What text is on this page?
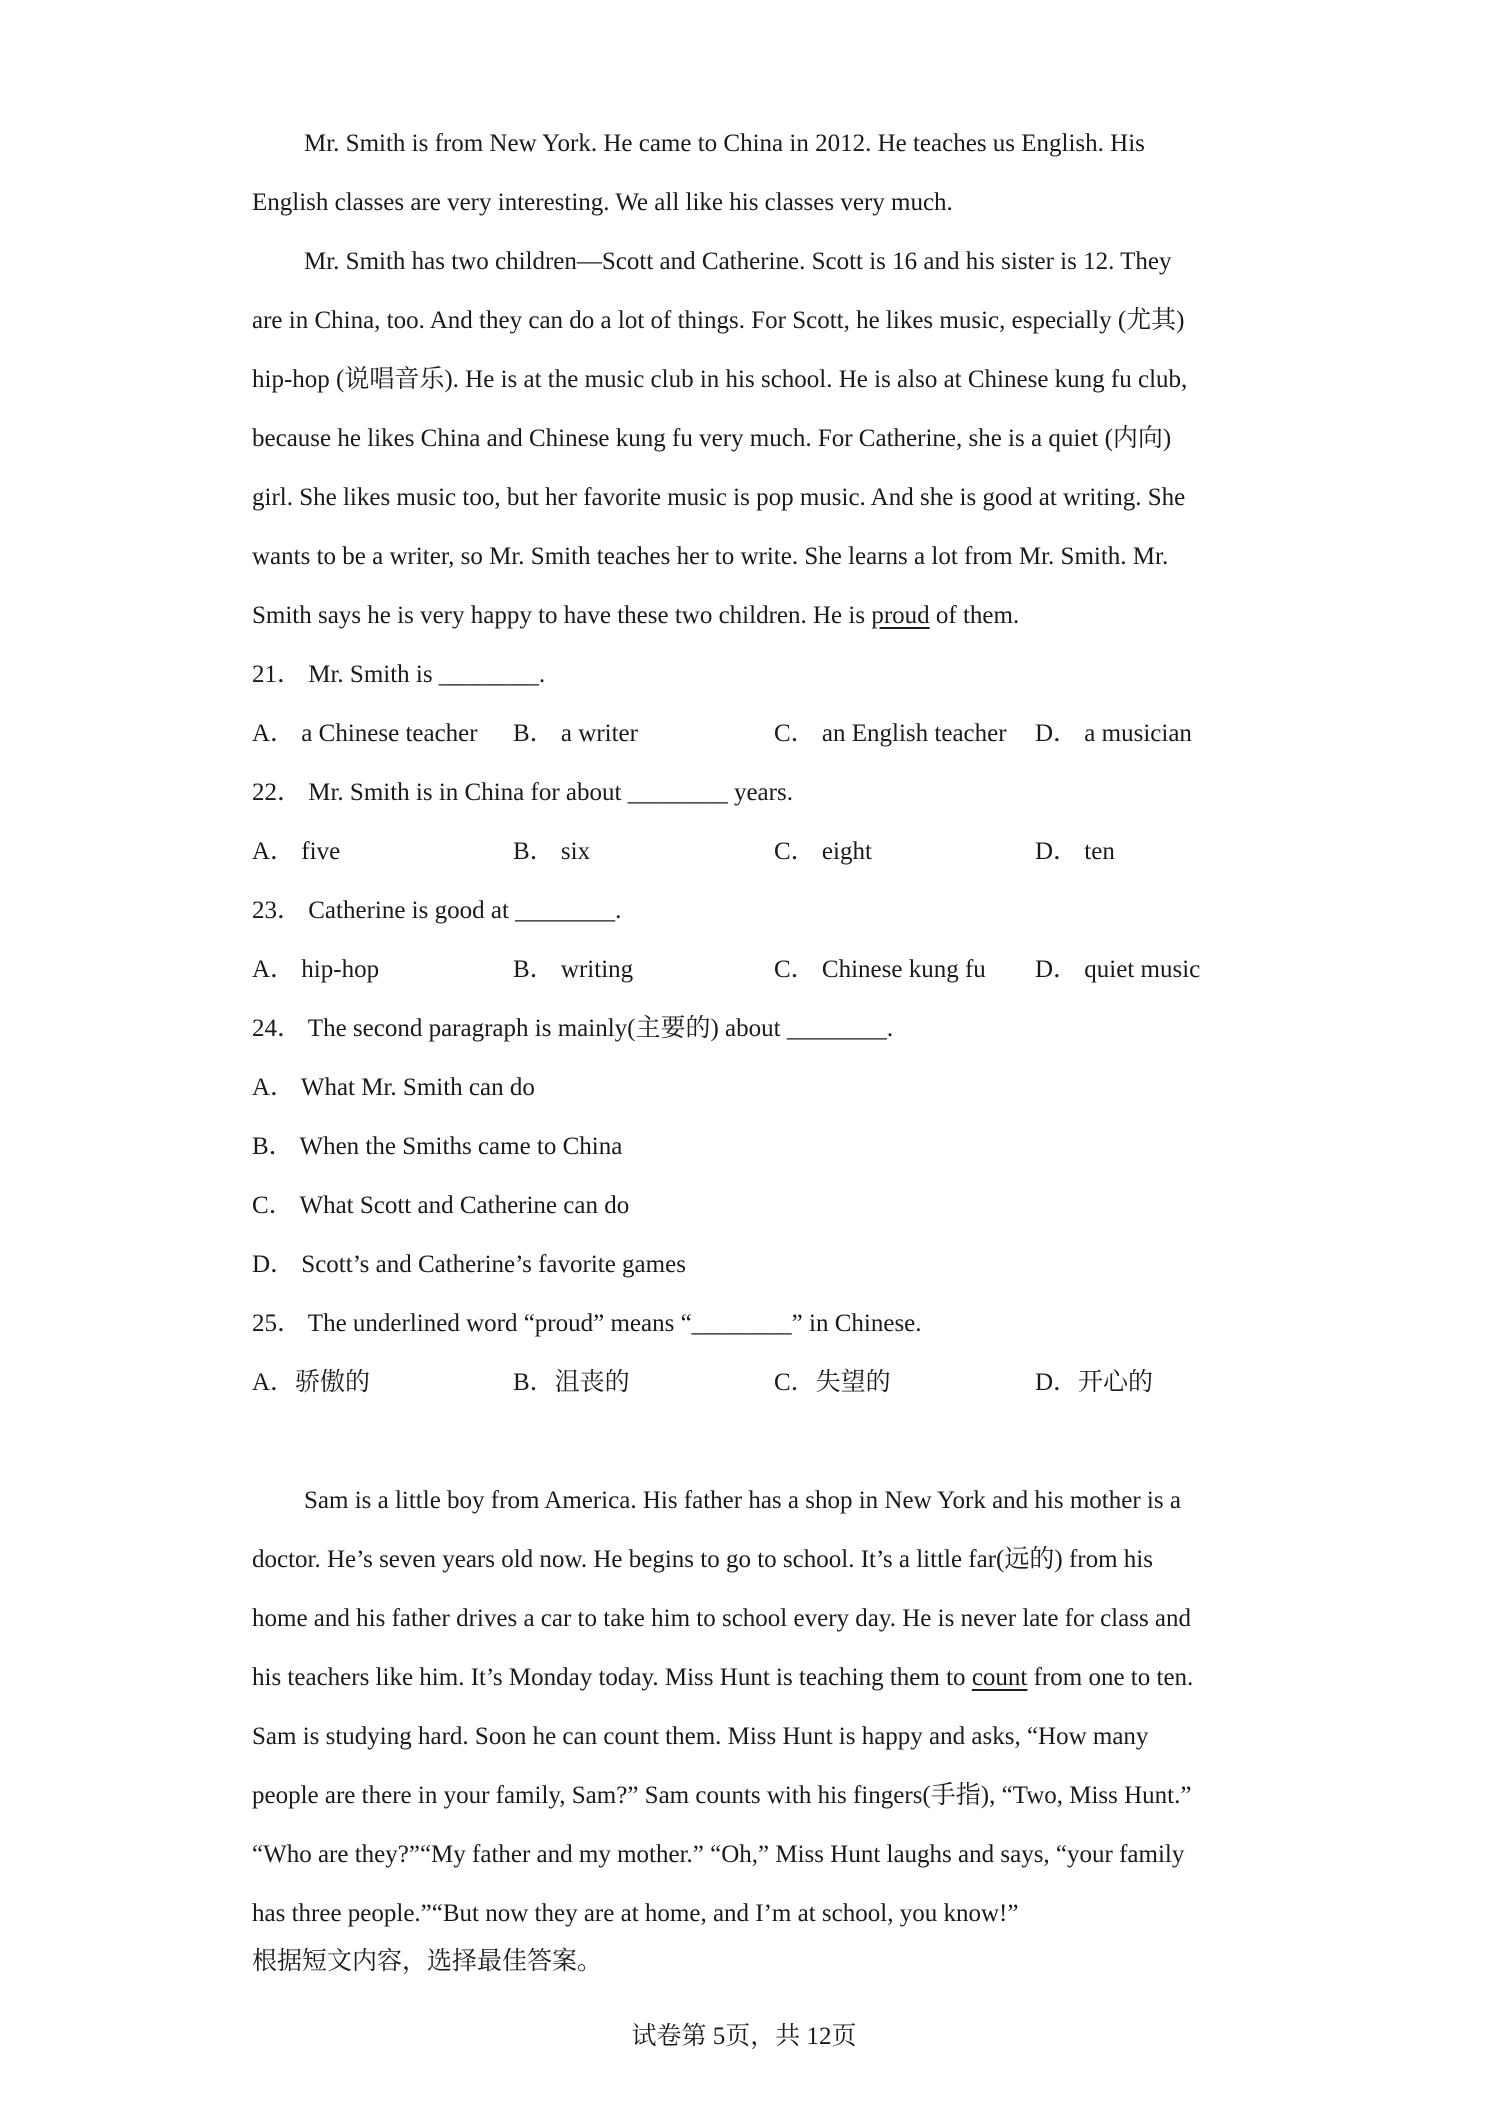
Mr. Smith is from New York. He came to China in 2012. He teaches us English. His
English classes are very interesting. We all like his classes very much.
Mr. Smith has two children—Scott and Catherine. Scott is 16 and his sister is 12. They
are in China, too. And they can do a lot of things. For Scott, he likes music, especially (尤其)
hip-hop (说唱音乐). He is at the music club in his school. He is also at Chinese kung fu club,
because he likes China and Chinese kung fu very much. For Catherine, she is a quiet (内向)
girl. She likes music too, but her favorite music is pop music. And she is good at writing. She
wants to be a writer, so Mr. Smith teaches her to write. She learns a lot from Mr. Smith. Mr.
Smith says he is very happy to have these two children. He is proud of them.
21． Mr. Smith is ________.
A． a Chinese teacher	B． a writer	C． an English teacher	D． a musician
22． Mr. Smith is in China for about ________ years.
A． five	B． six	C． eight	D． ten
23． Catherine is good at ________.
A． hip-hop	B． writing	C． Chinese kung fu	D． quiet music
24． The second paragraph is mainly(主要的) about ________.
A． What Mr. Smith can do
B． When the Smiths came to China
C． What Scott and Catherine can do
D． Scott’s and Catherine’s favorite games
25． The underlined word “proud” means “________” in Chinese.
A．骄傲的	B．沮丧的	C．失望的	D．开心的
Sam is a little boy from America. His father has a shop in New York and his mother is a
doctor. He’s seven years old now. He begins to go to school. It’s a little far(远的) from his
home and his father drives a car to take him to school every day. He is never late for class and
his teachers like him. It’s Monday today. Miss Hunt is teaching them to count from one to ten.
Sam is studying hard. Soon he can count them. Miss Hunt is happy and asks, “How many
people are there in your family, Sam?” Sam counts with his fingers(手指), “Two, Miss Hunt.”
“Who are they?”“My father and my mother.” “Oh,” Miss Hunt laughs and says, “your family
has three people.”“But now they are at home, and I’m at school, you know!”
根据短文内容，选择最佳答案。
试卷第 5页，共 12页
